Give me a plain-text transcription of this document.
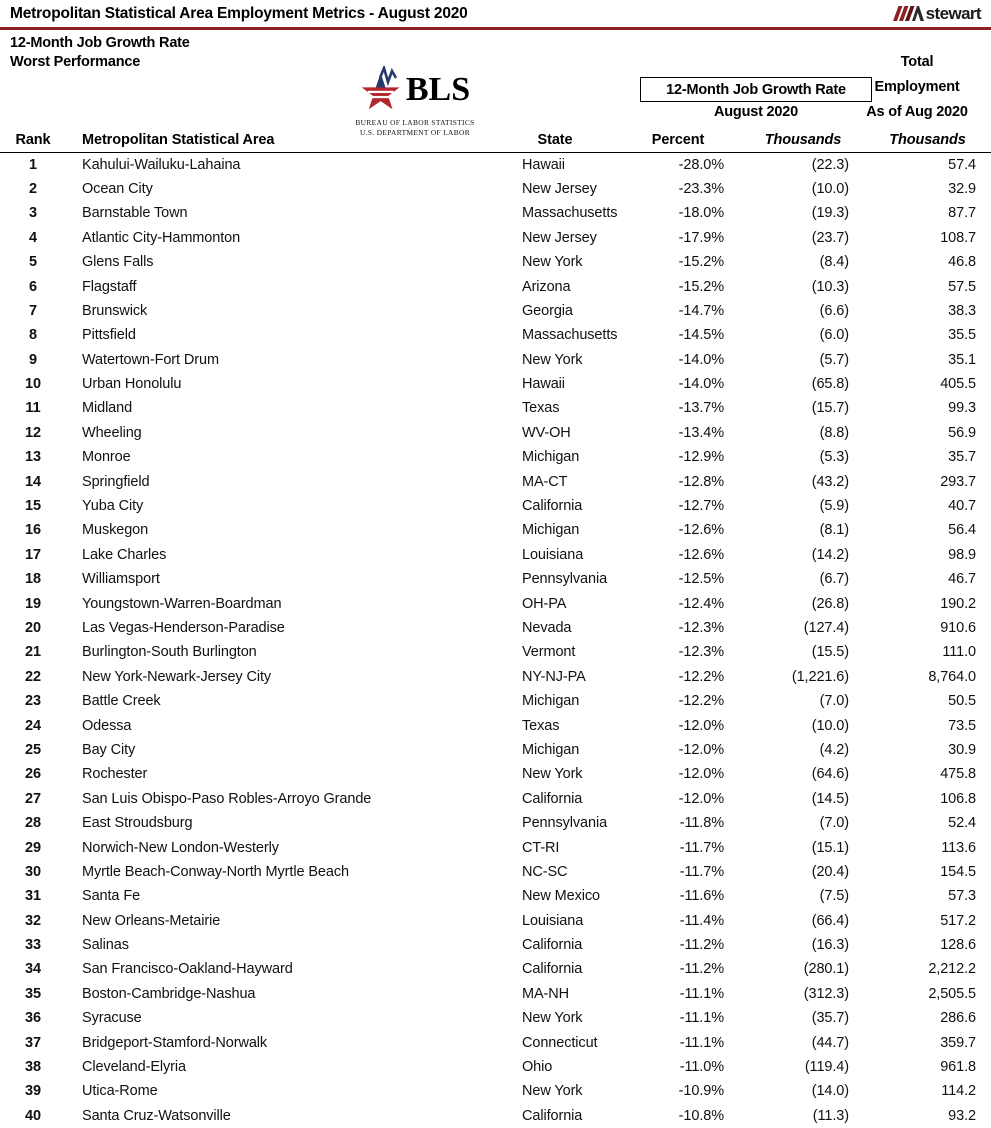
Metropolitan Statistical Area Employment Metrics - August 2020	stewart
12-Month Job Growth Rate
Worst Performance
BLS
BUREAU OF LABOR STATISTICS
U.S. DEPARTMENT OF LABOR
12-Month Job Growth Rate
August 2020
Total
Employment
As of Aug 2020
Rank	Metropolitan Statistical Area	State	Percent	Thousands	Thousands
1	Kahului-Wailuku-Lahaina	Hawaii	-28.0%	(22.3)	57.4
2	Ocean City	New Jersey	-23.3%	(10.0)	32.9
3	Barnstable Town	Massachusetts	-18.0%	(19.3)	87.7
4	Atlantic City-Hammonton	New Jersey	-17.9%	(23.7)	108.7
5	Glens Falls	New York	-15.2%	(8.4)	46.8
6	Flagstaff	Arizona	-15.2%	(10.3)	57.5
7	Brunswick	Georgia	-14.7%	(6.6)	38.3
8	Pittsfield	Massachusetts	-14.5%	(6.0)	35.5
9	Watertown-Fort Drum	New York	-14.0%	(5.7)	35.1
10	Urban Honolulu	Hawaii	-14.0%	(65.8)	405.5
11	Midland	Texas	-13.7%	(15.7)	99.3
12	Wheeling	WV-OH	-13.4%	(8.8)	56.9
13	Monroe	Michigan	-12.9%	(5.3)	35.7
14	Springfield	MA-CT	-12.8%	(43.2)	293.7
15	Yuba City	California	-12.7%	(5.9)	40.7
16	Muskegon	Michigan	-12.6%	(8.1)	56.4
17	Lake Charles	Louisiana	-12.6%	(14.2)	98.9
18	Williamsport	Pennsylvania	-12.5%	(6.7)	46.7
19	Youngstown-Warren-Boardman	OH-PA	-12.4%	(26.8)	190.2
20	Las Vegas-Henderson-Paradise	Nevada	-12.3%	(127.4)	910.6
21	Burlington-South Burlington	Vermont	-12.3%	(15.5)	111.0
22	New York-Newark-Jersey City	NY-NJ-PA	-12.2%	(1,221.6)	8,764.0
23	Battle Creek	Michigan	-12.2%	(7.0)	50.5
24	Odessa	Texas	-12.0%	(10.0)	73.5
25	Bay City	Michigan	-12.0%	(4.2)	30.9
26	Rochester	New York	-12.0%	(64.6)	475.8
27	San Luis Obispo-Paso Robles-Arroyo Grande	California	-12.0%	(14.5)	106.8
28	East Stroudsburg	Pennsylvania	-11.8%	(7.0)	52.4
29	Norwich-New London-Westerly	CT-RI	-11.7%	(15.1)	113.6
30	Myrtle Beach-Conway-North Myrtle Beach	NC-SC	-11.7%	(20.4)	154.5
31	Santa Fe	New Mexico	-11.6%	(7.5)	57.3
32	New Orleans-Metairie	Louisiana	-11.4%	(66.4)	517.2
33	Salinas	California	-11.2%	(16.3)	128.6
34	San Francisco-Oakland-Hayward	California	-11.2%	(280.1)	2,212.2
35	Boston-Cambridge-Nashua	MA-NH	-11.1%	(312.3)	2,505.5
36	Syracuse	New York	-11.1%	(35.7)	286.6
37	Bridgeport-Stamford-Norwalk	Connecticut	-11.1%	(44.7)	359.7
38	Cleveland-Elyria	Ohio	-11.0%	(119.4)	961.8
39	Utica-Rome	New York	-10.9%	(14.0)	114.2
40	Santa Cruz-Watsonville	California	-10.8%	(11.3)	93.2
